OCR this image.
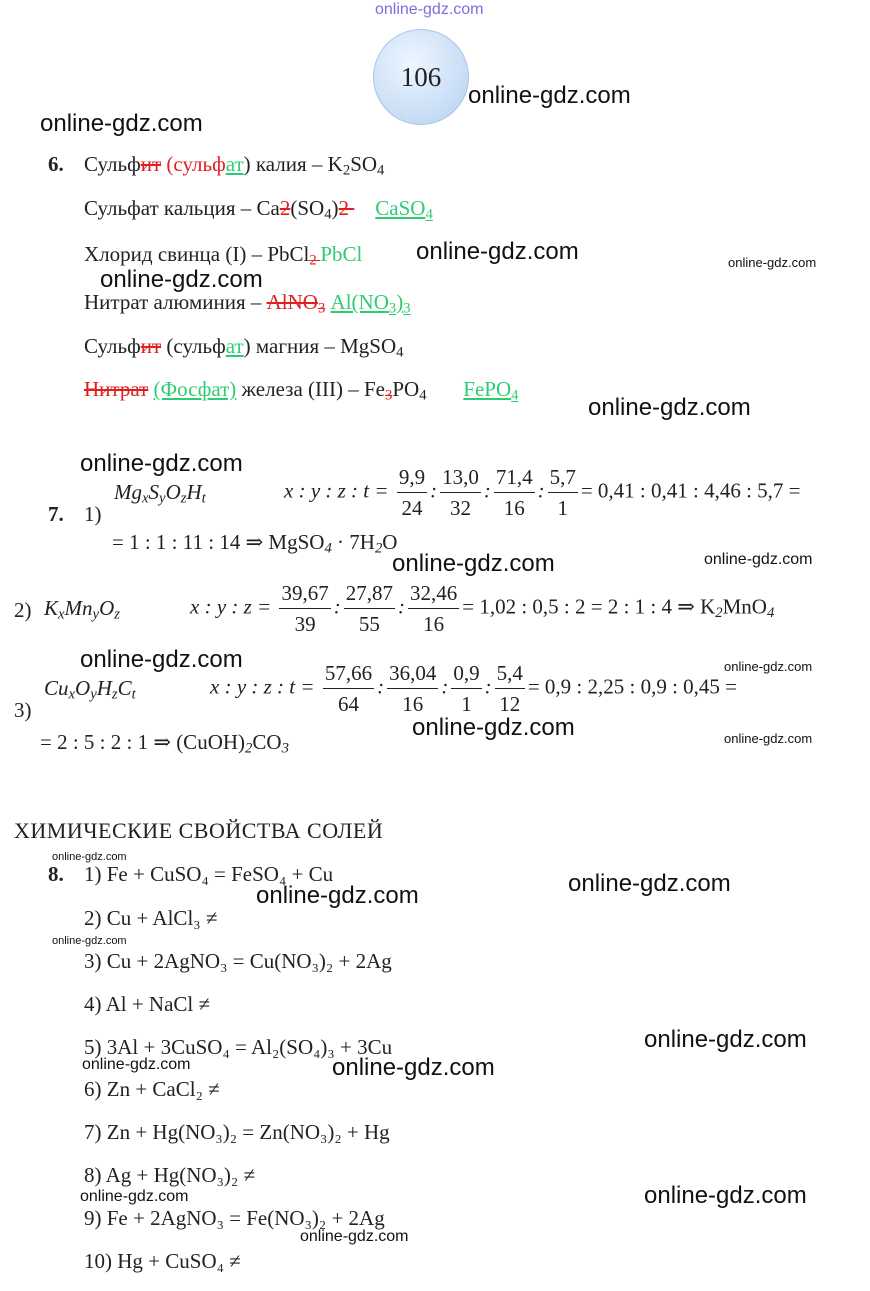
online-gdz.com
106
online-gdz.com
online-gdz.com
online-gdz.com	online-gdz.com
online-gdz.com
online-gdz.com
online-gdz.com
online-gdz.com	online-gdz.com
online-gdz.com	online-gdz.com
online-gdz.com	online-gdz.com
online-gdz.com
online-gdz.com
online-gdz.com
online-gdz.com
online-gdz.com
online-gdz.com
online-gdz.com
online-gdz.com
online-gdz.com
online-gdz.com
6. Сульфит (сульфат) калия – $K_2SO_4$
Сульфат кальция – $Ca2(SO_4)2$     CaSO$_4$
Хлорид свинца (I) – PbCl$_2$ PbCl
Нитрат алюминия – AlNO$_3$ $Al(NO_3)_3$
Сульфит (сульфат) магния – MgSO$_4$
Нитрат (Фосфат) железа $(III) - Fe_3PO_4$ FePO$_4$
7. 1)
$Mg_xS_yO_zH_t$	x : y : z : $t = \frac{9,9}{24}$ : $\frac{13,0}{32}$ : $\frac{71,4}{16}$ : $\frac{5,7}{1} = 0,41$ : 0,41 : 4,46 : 5,7 =
= 1 : 1 : 11 : 14 ⇒ MgSO$_4$ · $7H_2O$
2) $K_xMn_yO_z$	x : y : $z = \frac{39,67}{39}$ : $\frac{27,87}{55}$ : $\frac{32,46}{16} = 1,02$ : 0,5 : 2 = 2 : 1 : 4 ⇒ $K_2MnO_4$
3)
$Cu_xO_yH_zC_t$	x : y : z : $t = \frac{57,66}{64}$ : $\frac{36,04}{16}$ : $\frac{0,9}{1}$ : $\frac{5,4}{12} = 0,9$ : 2,25 : 0,9 : 0,45 =
= 2 : 5 : 2 : 1 ⇒ $(CuOH)_2CO_3$
ХИМИЧЕСКИЕ СВОЙСТВА СОЛЕЙ
8. 1) Fe + CuSO₄ = FeSO₄ + Cu
2) Cu + AlCl₃ ≠
3) Cu + 2AgNO₃ = Cu(NO₃)₂ + 2Ag
4) Al + NaCl ≠
5) 3Al + 3CuSO₄ = Al₂(SO₄)₃ + 3Cu
6) Zn + CaCl₂ ≠
7) Zn + Hg(NO₃)₂ = Zn(NO₃)₂ + Hg
8) Ag + Hg(NO₃)₂ ≠
9) Fe + 2AgNO₃ = Fe(NO₃)₂ + 2Ag
10) Hg + CuSO₄ ≠
